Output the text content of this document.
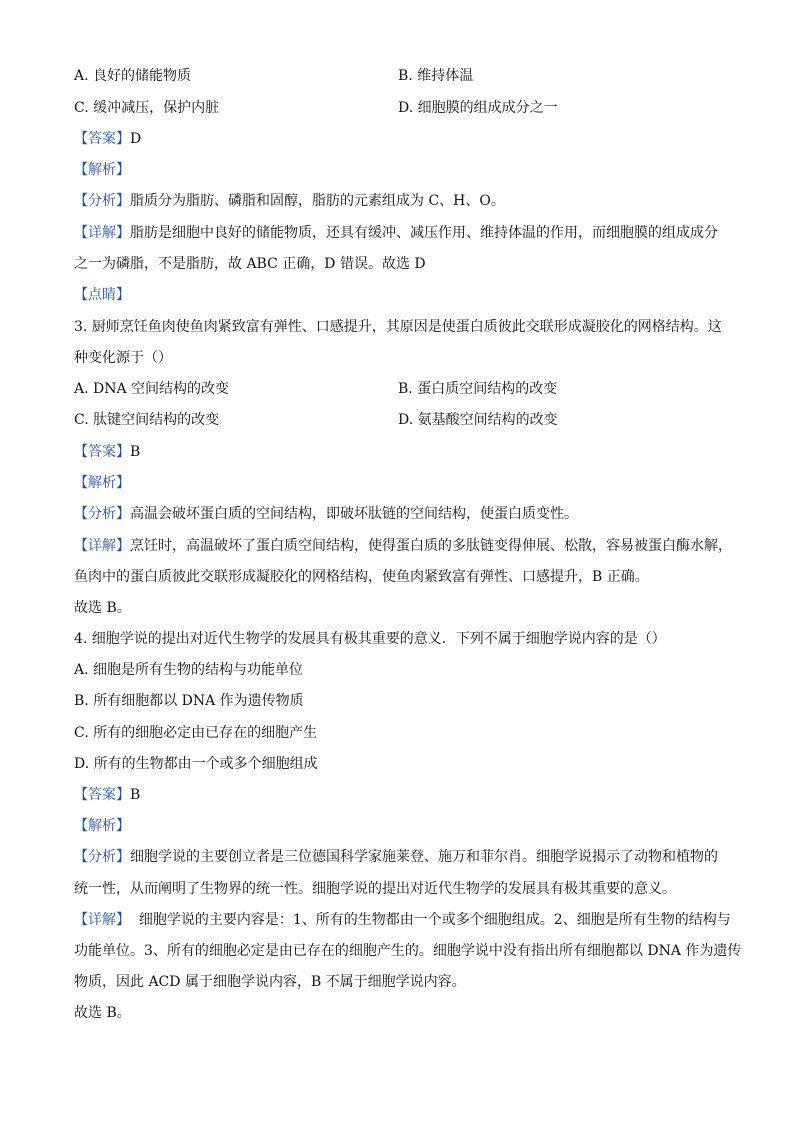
A. 良好的储能物质	B. 维持体温
C. 缓冲减压，保护内脏	D. 细胞膜的组成成分之一
【答案】D
【解析】
【分析】脂质分为脂肪、磷脂和固醇，脂肪的元素组成为 C、H、O。
【详解】脂肪是细胞中良好的储能物质，还具有缓冲、减压作用、维持体温的作用，而细胞膜的组成成分
之一为磷脂，不是脂肪，故 ABC 正确，D 错误。故选 D
【点睛】
3. 厨师烹饪鱼肉使鱼肉紧致富有弹性、口感提升，其原因是使蛋白质彼此交联形成凝胶化的网格结构。这
种变化源于（）
A. DNA 空间结构的改变	B. 蛋白质空间结构的改变
C. 肽键空间结构的改变	D. 氨基酸空间结构的改变
【答案】B
【解析】
【分析】高温会破坏蛋白质的空间结构，即破坏肽链的空间结构，使蛋白质变性。
【详解】烹饪时，高温破坏了蛋白质空间结构，使得蛋白质的多肽链变得伸展、松散，容易被蛋白酶水解，
鱼肉中的蛋白质彼此交联形成凝胶化的网格结构，使鱼肉紧致富有弹性、口感提升，B 正确。
故选 B。
4. 细胞学说的提出对近代生物学的发展具有极其重要的意义．下列不属于细胞学说内容的是（）
A. 细胞是所有生物的结构与功能单位
B. 所有细胞都以 DNA 作为遗传物质
C. 所有的细胞必定由已存在的细胞产生
D. 所有的生物都由一个或多个细胞组成
【答案】B
【解析】
【分析】细胞学说的主要创立者是三位德国科学家施莱登、施万和菲尔肖。细胞学说揭示了动物和植物的
统一性，从而阐明了生物界的统一性。细胞学说的提出对近代生物学的发展具有极其重要的意义。
【详解】  细胞学说的主要内容是：1、所有的生物都由一个或多个细胞组成。2、细胞是所有生物的结构与
功能单位。3、所有的细胞必定是由已存在的细胞产生的。细胞学说中没有指出所有细胞都以 DNA 作为遗传
物质，因此 ACD 属于细胞学说内容，B 不属于细胞学说内容。
故选 B。
